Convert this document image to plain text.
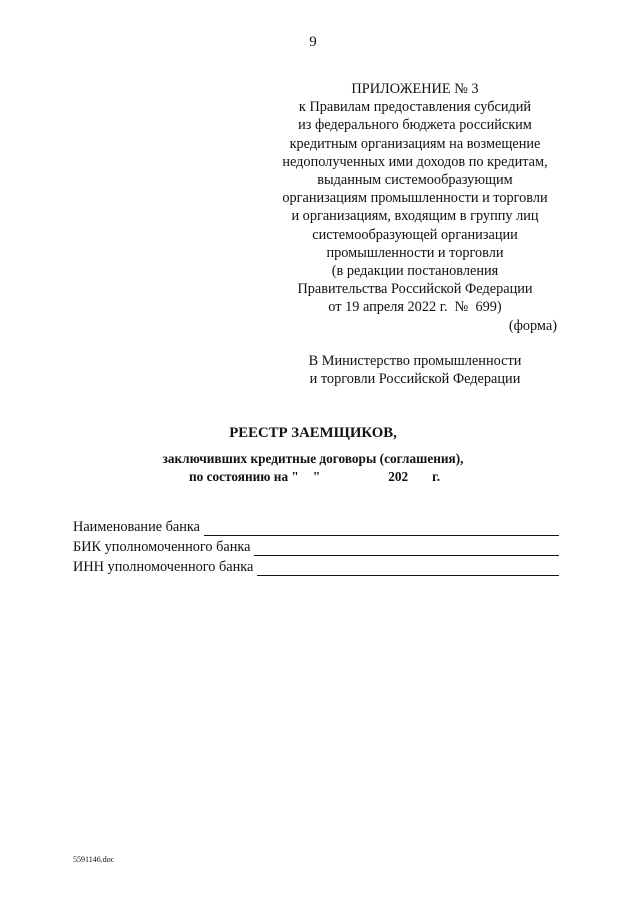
9
ПРИЛОЖЕНИЕ № 3
к Правилам предоставления субсидий
из федерального бюджета российским
кредитным организациям на возмещение
недополученных ими доходов по кредитам,
выданным системообразующим
организациям промышленности и торговли
и организациям, входящим в группу лиц
системообразующей организации
промышленности и торговли
(в редакции постановления
Правительства Российской Федерации
от 19 апреля 2022 г.  №  699)
(форма)
В Министерство промышленности
и торговли Российской Федерации
РЕЕСТР ЗАЕМЩИКОВ,
заключивших кредитные договоры (соглашения),
по состоянию на " "	202 г.
Наименование банка
БИК уполномоченного банка
ИНН уполномоченного банка
5591146.doc
